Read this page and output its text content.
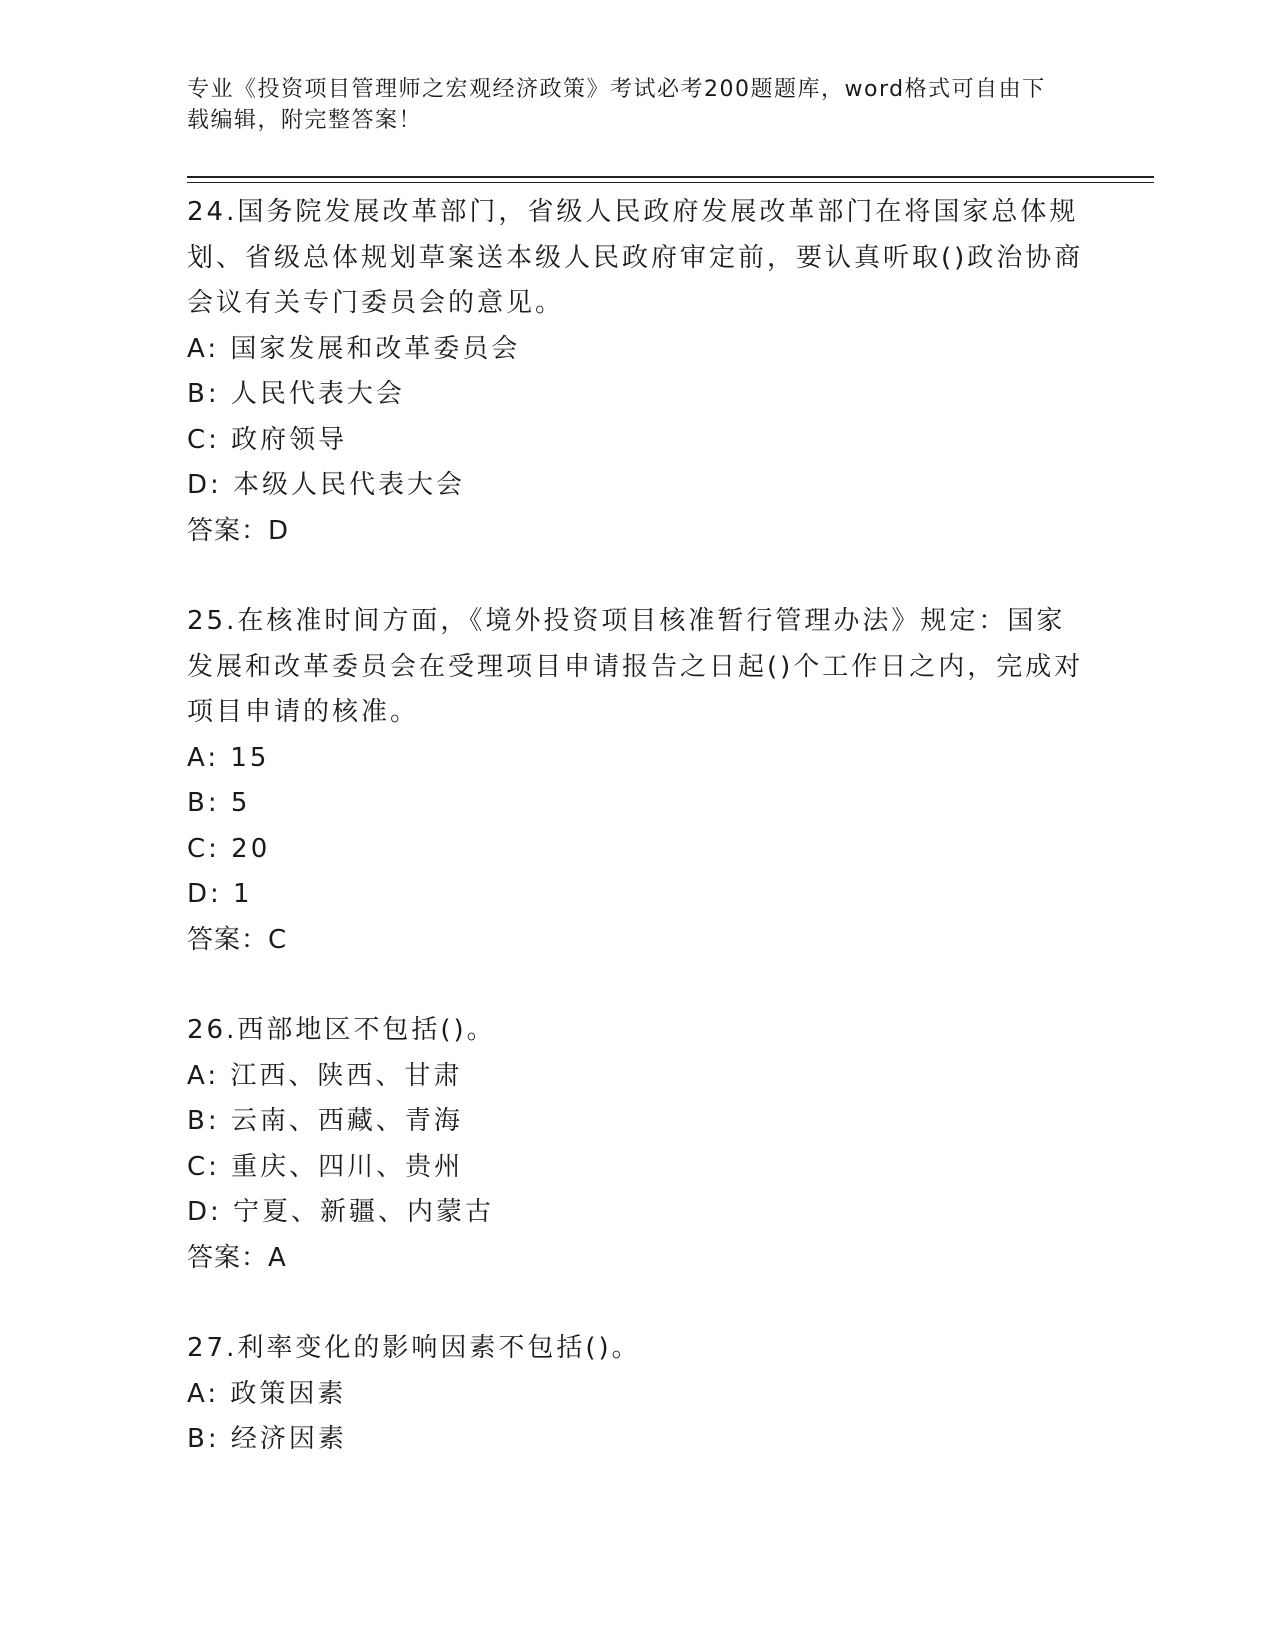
专业《投资项目管理师之宏观经济政策》考试必考200题题库，word格式可自由下载编辑，附完整答案！

24.国务院发展改革部门，省级人民政府发展改革部门在将国家总体规划、省级总体规划草案送本级人民政府审定前，要认真听取()政治协商会议有关专门委员会的意见。

A: 国家发展和改革委员会

B: 人民代表大会

C: 政府领导

D: 本级人民代表大会

答案：D

25.在核准时间方面，《境外投资项目核准暂行管理办法》规定：国家发展和改革委员会在受理项目申请报告之日起()个工作日之内，完成对项目申请的核准。

A: 15

B: 5

C: 20

D: 1

答案：C

26.西部地区不包括()。

A: 江西、陕西、甘肃

B: 云南、西藏、青海

C: 重庆、四川、贵州

D: 宁夏、新疆、内蒙古

答案：A

27.利率变化的影响因素不包括()。

A: 政策因素

B: 经济因素
